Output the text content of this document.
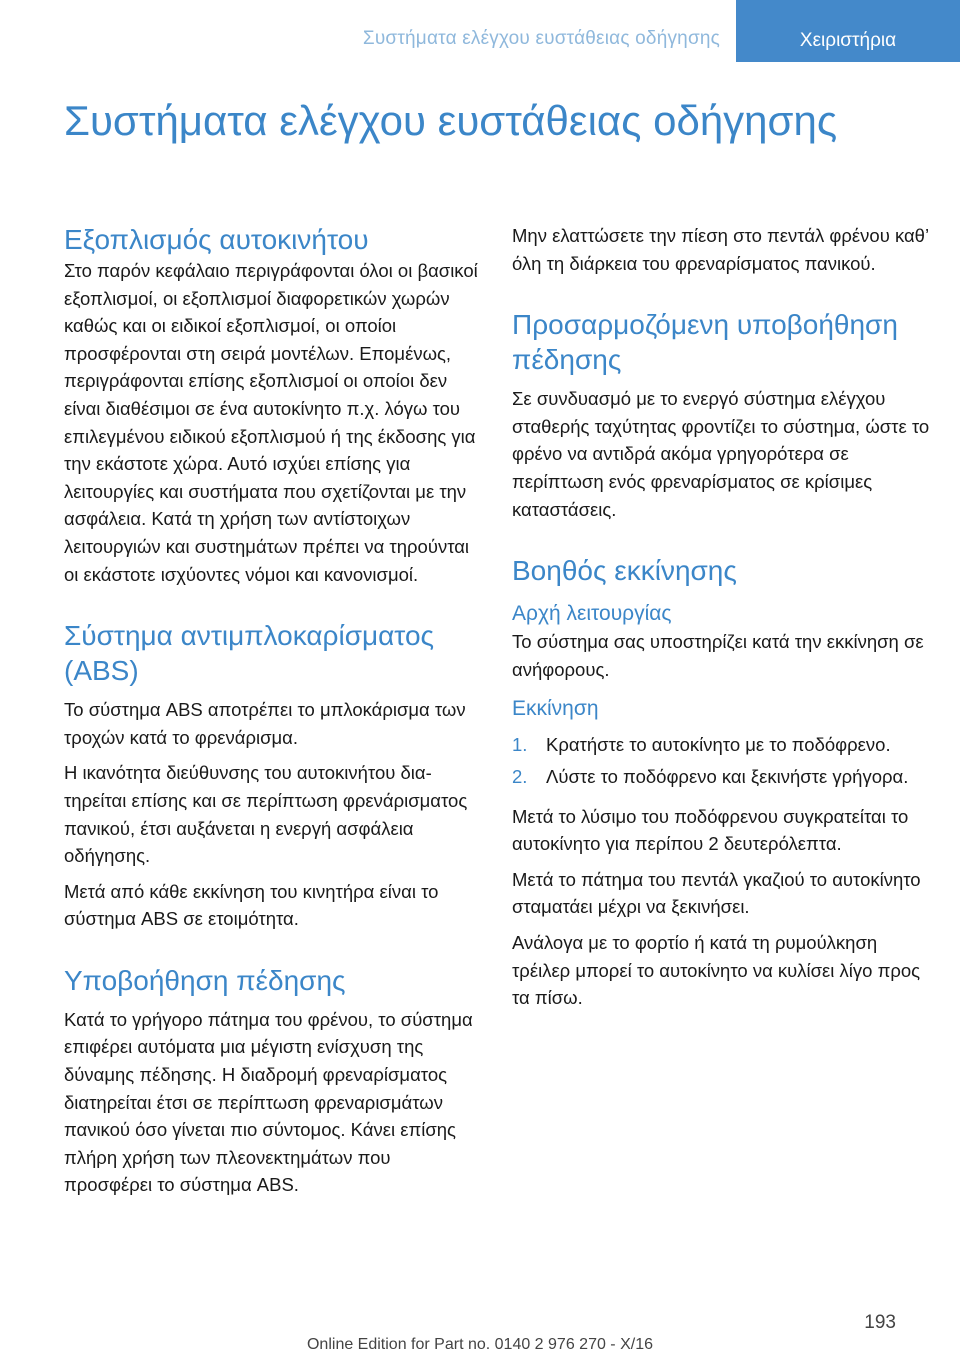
Συστήματα ελέγχου ευστάθειας οδήγησης	Χειριστήρια
Συστήματα ελέγχου ευστάθειας οδήγησης
Εξοπλισμός αυτοκινήτου

Στο παρόν κεφάλαιο περιγράφονται όλοι οι βασικοί εξοπλισμοί, οι εξοπλισμοί διαφορετικών χωρών καθώς και οι ειδικοί εξοπλισμοί, οι οποίοι προσφέρονται στη σειρά μοντέλων. Επομένως, περιγράφονται επίσης εξοπλισμοί οι οποίοι δεν είναι διαθέσιμοι σε ένα αυτοκίνητο π.χ. λόγω του επιλεγμένου ειδικού εξοπλισμού ή της έκδοσης για την εκάστοτε χώρα. Αυτό ισχύει επίσης για λειτουργίες και συστήματα που σχετίζονται με την ασφάλεια. Κατά τη χρήση των αντίστοιχων λειτουργιών και συστημάτων πρέπει να τηρούνται οι εκάστοτε ισχύοντες νόμοι και κανονισμοί.

Σύστημα αντιμπλοκαρίσματος (ABS)

Το σύστημα ABS αποτρέπει το μπλοκάρισμα των τροχών κατά το φρενάρισμα.

Η ικανότητα διεύθυνσης του αυτοκινήτου διατηρείται επίσης και σε περίπτωση φρενάρισματος πανικού, έτσι αυξάνεται η ενεργή ασφάλεια οδήγησης.

Μετά από κάθε εκκίνηση του κινητήρα είναι το σύστημα ABS σε ετοιμότητα.

Υποβοήθηση πέδησης

Κατά το γρήγορο πάτημα του φρένου, το σύστημα επιφέρει αυτόματα μια μέγιστη ενίσχυση της δύναμης πέδησης. Η διαδρομή φρεναρίσματος διατηρείται έτσι σε περίπτωση φρεναρισμάτων πανικού όσο γίνεται πιο σύντομος. Κάνει επίσης πλήρη χρήση των πλεονεκτημάτων που προσφέρει το σύστημα ABS.

Μην ελαττώσετε την πίεση στο πεντάλ φρένου καθ’ όλη τη διάρκεια του φρεναρίσματος πανικού.

Προσαρμοζόμενη υποβοήθηση πέδησης

Σε συνδυασμό με το ενεργό σύστημα ελέγχου σταθερής ταχύτητας φροντίζει το σύστημα, ώστε το φρένο να αντιδρά ακόμα γρηγορότερα σε περίπτωση ενός φρεναρίσματος σε κρίσιμες καταστάσεις.

Βοηθός εκκίνησης
Αρχή λειτουργίας

Το σύστημα σας υποστηρίζει κατά την εκκίνηση σε ανήφορους.

Εκκίνηση
1. Κρατήστε το αυτοκίνητο με το ποδόφρενο.
2. Λύστε το ποδόφρενο και ξεκινήστε γρήγορα.

Μετά το λύσιμο του ποδόφρενου συγκρατείται το αυτοκίνητο για περίπου 2 δευτερόλεπτα.

Μετά το πάτημα του πεντάλ γκαζιού το αυτοκίνητο σταματάει μέχρι να ξεκινήσει.

Ανάλογα με το φορτίο ή κατά τη ρυμούλκηση τρέιλερ μπορεί το αυτοκίνητο να κυλίσει λίγο προς τα πίσω.

193
Online Edition for Part no. 0140 2 976 270 - X/16
